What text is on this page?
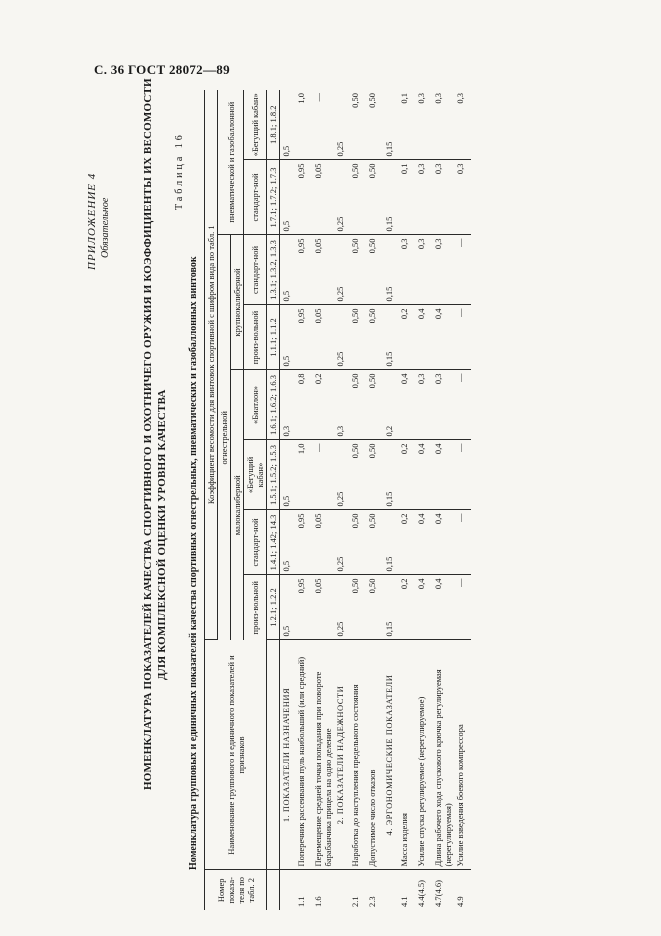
С. 36 ГОСТ 28072—89
ПРИЛОЖЕНИЕ 4 Обязательное	НОМЕНКЛАТУРА ПОКАЗАТЕЛЕЙ КАЧЕСТВА СПОРТИВНОГО И ОХОТНИЧЕГО ОРУЖИЯ И КОЭФФИЦИЕНТЫ ИХ ВЕСОМОСТИ ДЛЯ КОМПЛЕКСНОЙ ОЦЕНКИ УРОВНЯ КАЧЕСТВА
Таблица 16
Номенклатура групповых и единичных показателей качества спортивных огнестрельных, пневматических и газобаллонных винтовок
Номер показа-теля по табл. 2	Наименование группового и единичного показателей и признаков	Коэффициент весомости для винтовок спортивной с шифром вида по табл. 1							
		огнестрельной						пневматической и газобаллонной	
		малокалиберной				крупнокалиберной			
		произ-вольной	стандарт-ной	«Бегущий кабан»	«Биатлон»	произ-вольной	стандарт-ной	стандарт-ной	«Бегущий кабан»
		1.2.1; 1.2.2	1.4.1; 1.42; 14.3	1.5.1; 1.5.2; 1.5.3	1.6.1; 1.6.2; 1.6.3	1.1.1; 1.1.2	1.3.1; 1.3.2, 1.3.3	1.7.1; 1.7.2; 1.7.3	1.8.1; 1.8.2
	1. ПОКАЗАТЕЛИ НАЗНАЧЕНИЯ	0,5	0,5	0,5	0,3	0,5	0,5	0,5	0,5

1.1	Поперечник рассеивания пуль наибольший (или средний)	0,95	0,95	1,0	0,8	0,95	0,95	0,95	1,0

1.6	Перемещение средней точки попадания при повороте барабанчика прицела на одно деление	0,05	0,05	—	0,2	0,05	0,05	0,05	—

	2. ПОКАЗАТЕЛИ НАДЕЖНОСТИ	0,25	0,25	0,25	0,3	0,25	0,25	0,25	0,25

2.1	Наработка до наступления предельного состояния	0,50	0,50	0,50	0,50	0,50	0,50	0,50	0,50

2.3	Допустимое число отказов	0,50	0,50	0,50	0,50	0,50	0,50	0,50	0,50

	4. ЭРГОНОМИЧЕСКИЕ ПОКАЗАТЕЛИ	0,15	0,15	0,15	0,2	0,15	0,15	0,15	0,15

4.1	Масса изделия	0,2	0,2	0,2	0,4	0,2	0,3	0,1	0,1

4.4(4.5)	Усилие спуска регулируемое (нерегулируемое)	0,4	0,4	0,4	0,3	0,4	0,3	0,3	0,3

4.7(4.6)	Длина рабочего хода спускового крючка регулируемая (нерегулируемая)	0,4	0,4	0,4	0,3	0,4	0,3	0,3	0,3

4.9	Усилие взведения боевого компрессора	—	—	—	—	—	—	0,3	0,3
